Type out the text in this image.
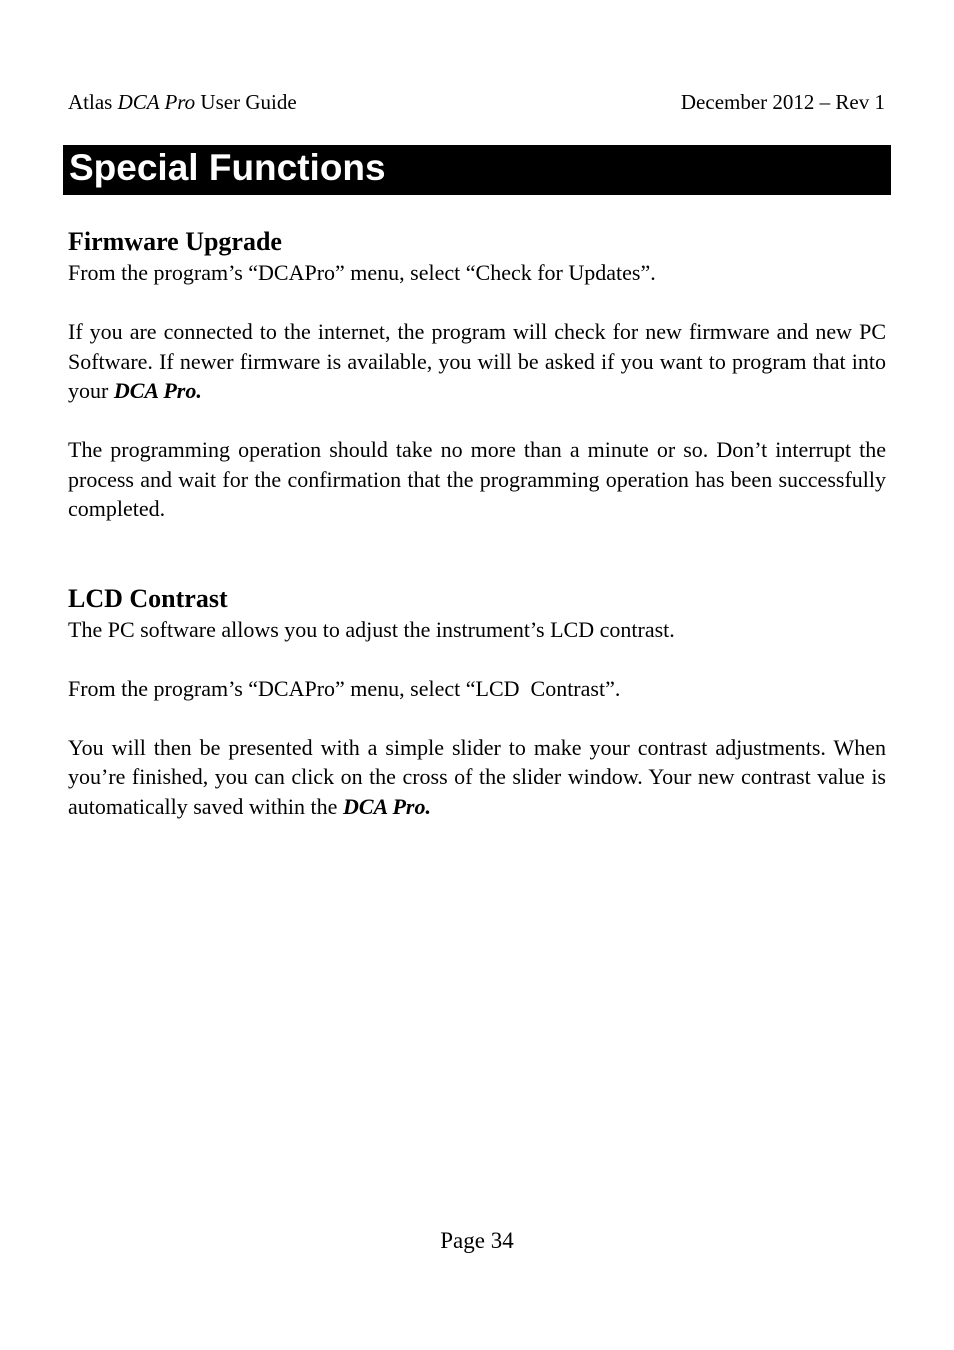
Atlas DCA Pro User Guide	December 2012 – Rev 1
Special Functions
Firmware Upgrade

From the program’s “DCAPro” menu, select “Check for Updates”.

If you are connected to the internet, the program will check for new firmware and new PC Software. If newer firmware is available, you will be asked if you want to program that into your DCA Pro.

The programming operation should take no more than a minute or so. Don’t interrupt the process and wait for the confirmation that the programming operation has been successfully completed.

LCD Contrast

The PC software allows you to adjust the instrument’s LCD contrast.

From the program’s “DCAPro” menu, select “LCD  Contrast”.

You will then be presented with a simple slider to make your contrast adjustments. When you’re finished, you can click on the cross of the slider window. Your new contrast value is automatically saved within the DCA Pro.

Page 34
